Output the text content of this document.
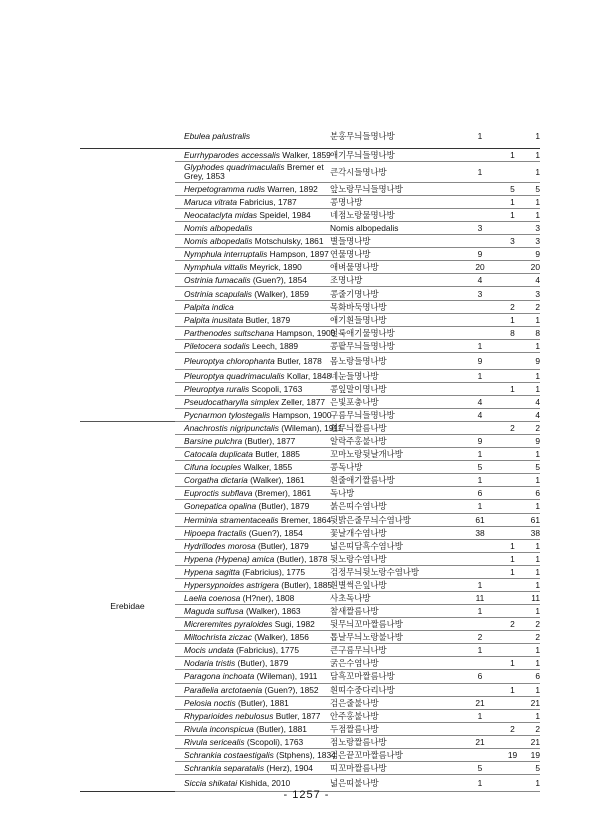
	Ebulea palustralis	분홍무늬들명나방	1		1
	Eurrhyparodes accessalis Walker, 1859	애기무늬들명나방		1	1
	Glyphodes quadrimaculalis Bremer et Grey, 1853	큰각시들명나방	1		1
	Herpetogramma rudis Warren, 1892	앞노랑무늬들명나방		5	5
	Maruca vitrata Fabricius, 1787	콩명나방		1	1
	Neocataclyta midas Speidel, 1984	네점노랑물명나방		1	1
	Nomis albopedalis	Nomis albopedalis	3		3
	Nomis albopedalis Motschulsky, 1861	별들명나방		3	3
	Nymphula interruptalis Hampson, 1897	연물명나방	9		9
	Nymphula vittalis Meyrick, 1890	애벼물명나방	20		20
	Ostrinia fumacalis (Guen?), 1854	조명나방	4		4
	Ostrinia scapulalis (Walker), 1859	콩줄기명나방	3		3
	Palpita indica	목화바둑명나방		2	2
	Palpita inusitata Butler, 1879	애기흰들명나방		1	1
	Parthenodes sultschana Hampson, 1900	얼룩애기물명나방		8	8
	Piletocera sodalis Leech, 1889	콩팥무늬들명나방	1		1
	Pleuroptya chlorophanta Butler, 1878	몸노랑들명나방	9		9
	Pleuroptya quadrimaculalis Kollar, 1848	네눈들명나방	1		1
	Pleuroptya ruralis Scopoli, 1763	콩잎말이명나방		1	1
	Pseudocatharylla simplex Zeller, 1877	은빛포충나방	4		4
	Pycnarmon tylostegalis Hampson, 1900	구름무늬들명나방	4		4
Erebidae	Anachrostis nigripunctalis (Wileman), 1911	흰무늬짤름나방		2	2
	Barsine pulchra (Butler), 1877	알락주홍불나방	9		9
	Catocala duplicata Butler, 1885	꼬마노랑뒷날개나방	1		1
	Cifuna locuples Walker, 1855	콩독나방	5		5
	Corgatha dictaria (Walker), 1861	흰줄애기짤름나방	1		1
	Euproctis subflava (Bremer), 1861	독나방	6		6
	Gonepatica opalina (Butler), 1879	붉은띠수염나방	1		1
	Herminia stramentacealis Bremer, 1864	뒷밝은줄무늬수염나방	61		61
	Hipoepa fractalis (Guen?), 1854	꽃날개수염나방	38		38
	Hydrillodes morosa (Butler), 1879	넓은띠담흑수염나방		1	1
	Hypena (Hypena) amica (Butler), 1878	뒷노랑수염나방		1	1
	Hypena sagitta (Fabricius), 1775	검정무늬뒷노랑수염나방		1	1
	Hypersypnoides astrigera (Butler), 1885	흰별썩은잎나방	1		1
	Laelia coenosa (H?ner), 1808	사초독나방	11		11
	Maguda suffusa (Walker), 1863	참새짤름나방	1		1
	Micreremites pyraloides Sugi, 1982	뒷무늬꼬마짤름나방		2	2
	Miltochrista ziczac (Walker), 1856	톱날무늬노랑불나방	2		2
	Mocis undata (Fabricius), 1775	큰구름무늬나방	1		1
	Nodaria tristis (Butler), 1879	굵은수염나방		1	1
	Paragona inchoata (Wileman), 1911	담흑꼬마짤름나방	6		6
	Parallelia arctotaenia (Guen?), 1852	흰띠수중다리나방		1	1
	Pelosia noctis (Butler), 1881	검은줄불나방	21		21
	Rhyparioides nebulosus Butler, 1877	안주홍불나방	1		1
	Rivula inconspicua (Butler), 1881	두점짤름나방		2	2
	Rivula sericealis (Scopoli), 1763	점노랑짤름나방	21		21
	Schrankia costaestigalis (Stphens), 1834	검은끝꼬마짤름나방		19	19
	Schrankia separatalis (Herz), 1904	띠꼬마짤름나방	5		5
	Siccia shikatai Kishida, 2010	넓은띠불나방	1		1
- 1257 -
